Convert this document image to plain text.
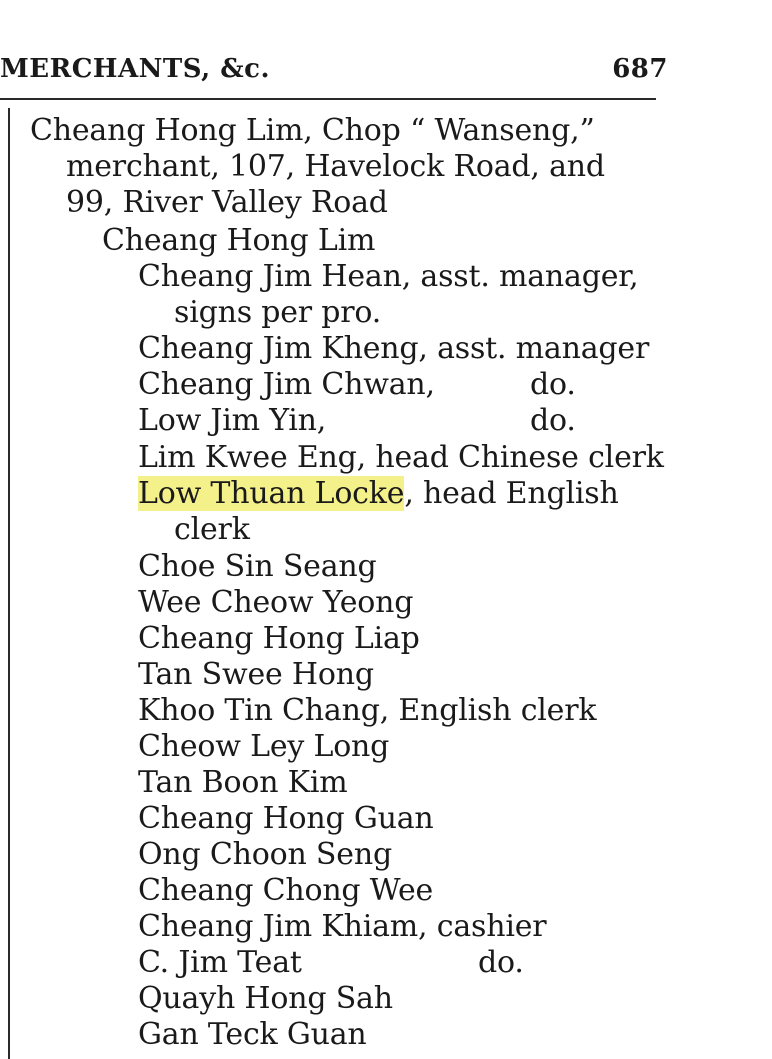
MERCHANTS, &c.	687
Cheang Hong Lim, Chop “ Wanseng,”
merchant, 107, Havelock Road, and
99, River Valley Road
Cheang Hong Lim
Cheang Jim Hean, asst. manager,
signs per pro.
Cheang Jim Kheng, asst. manager
Cheang Jim Chwan,	do.
Low Jim Yin,	do.
Lim Kwee Eng, head Chinese clerk
Low Thuan Locke, head English
clerk
Choe Sin Seang
Wee Cheow Yeong
Cheang Hong Liap
Tan Swee Hong
Khoo Tin Chang, English clerk
Cheow Ley Long
Tan Boon Kim
Cheang Hong Guan
Ong Choon Seng
Cheang Chong Wee
Cheang Jim Khiam, cashier
C. Jim Teat	do.
Quayh Hong Sah
Gan Teck Guan
